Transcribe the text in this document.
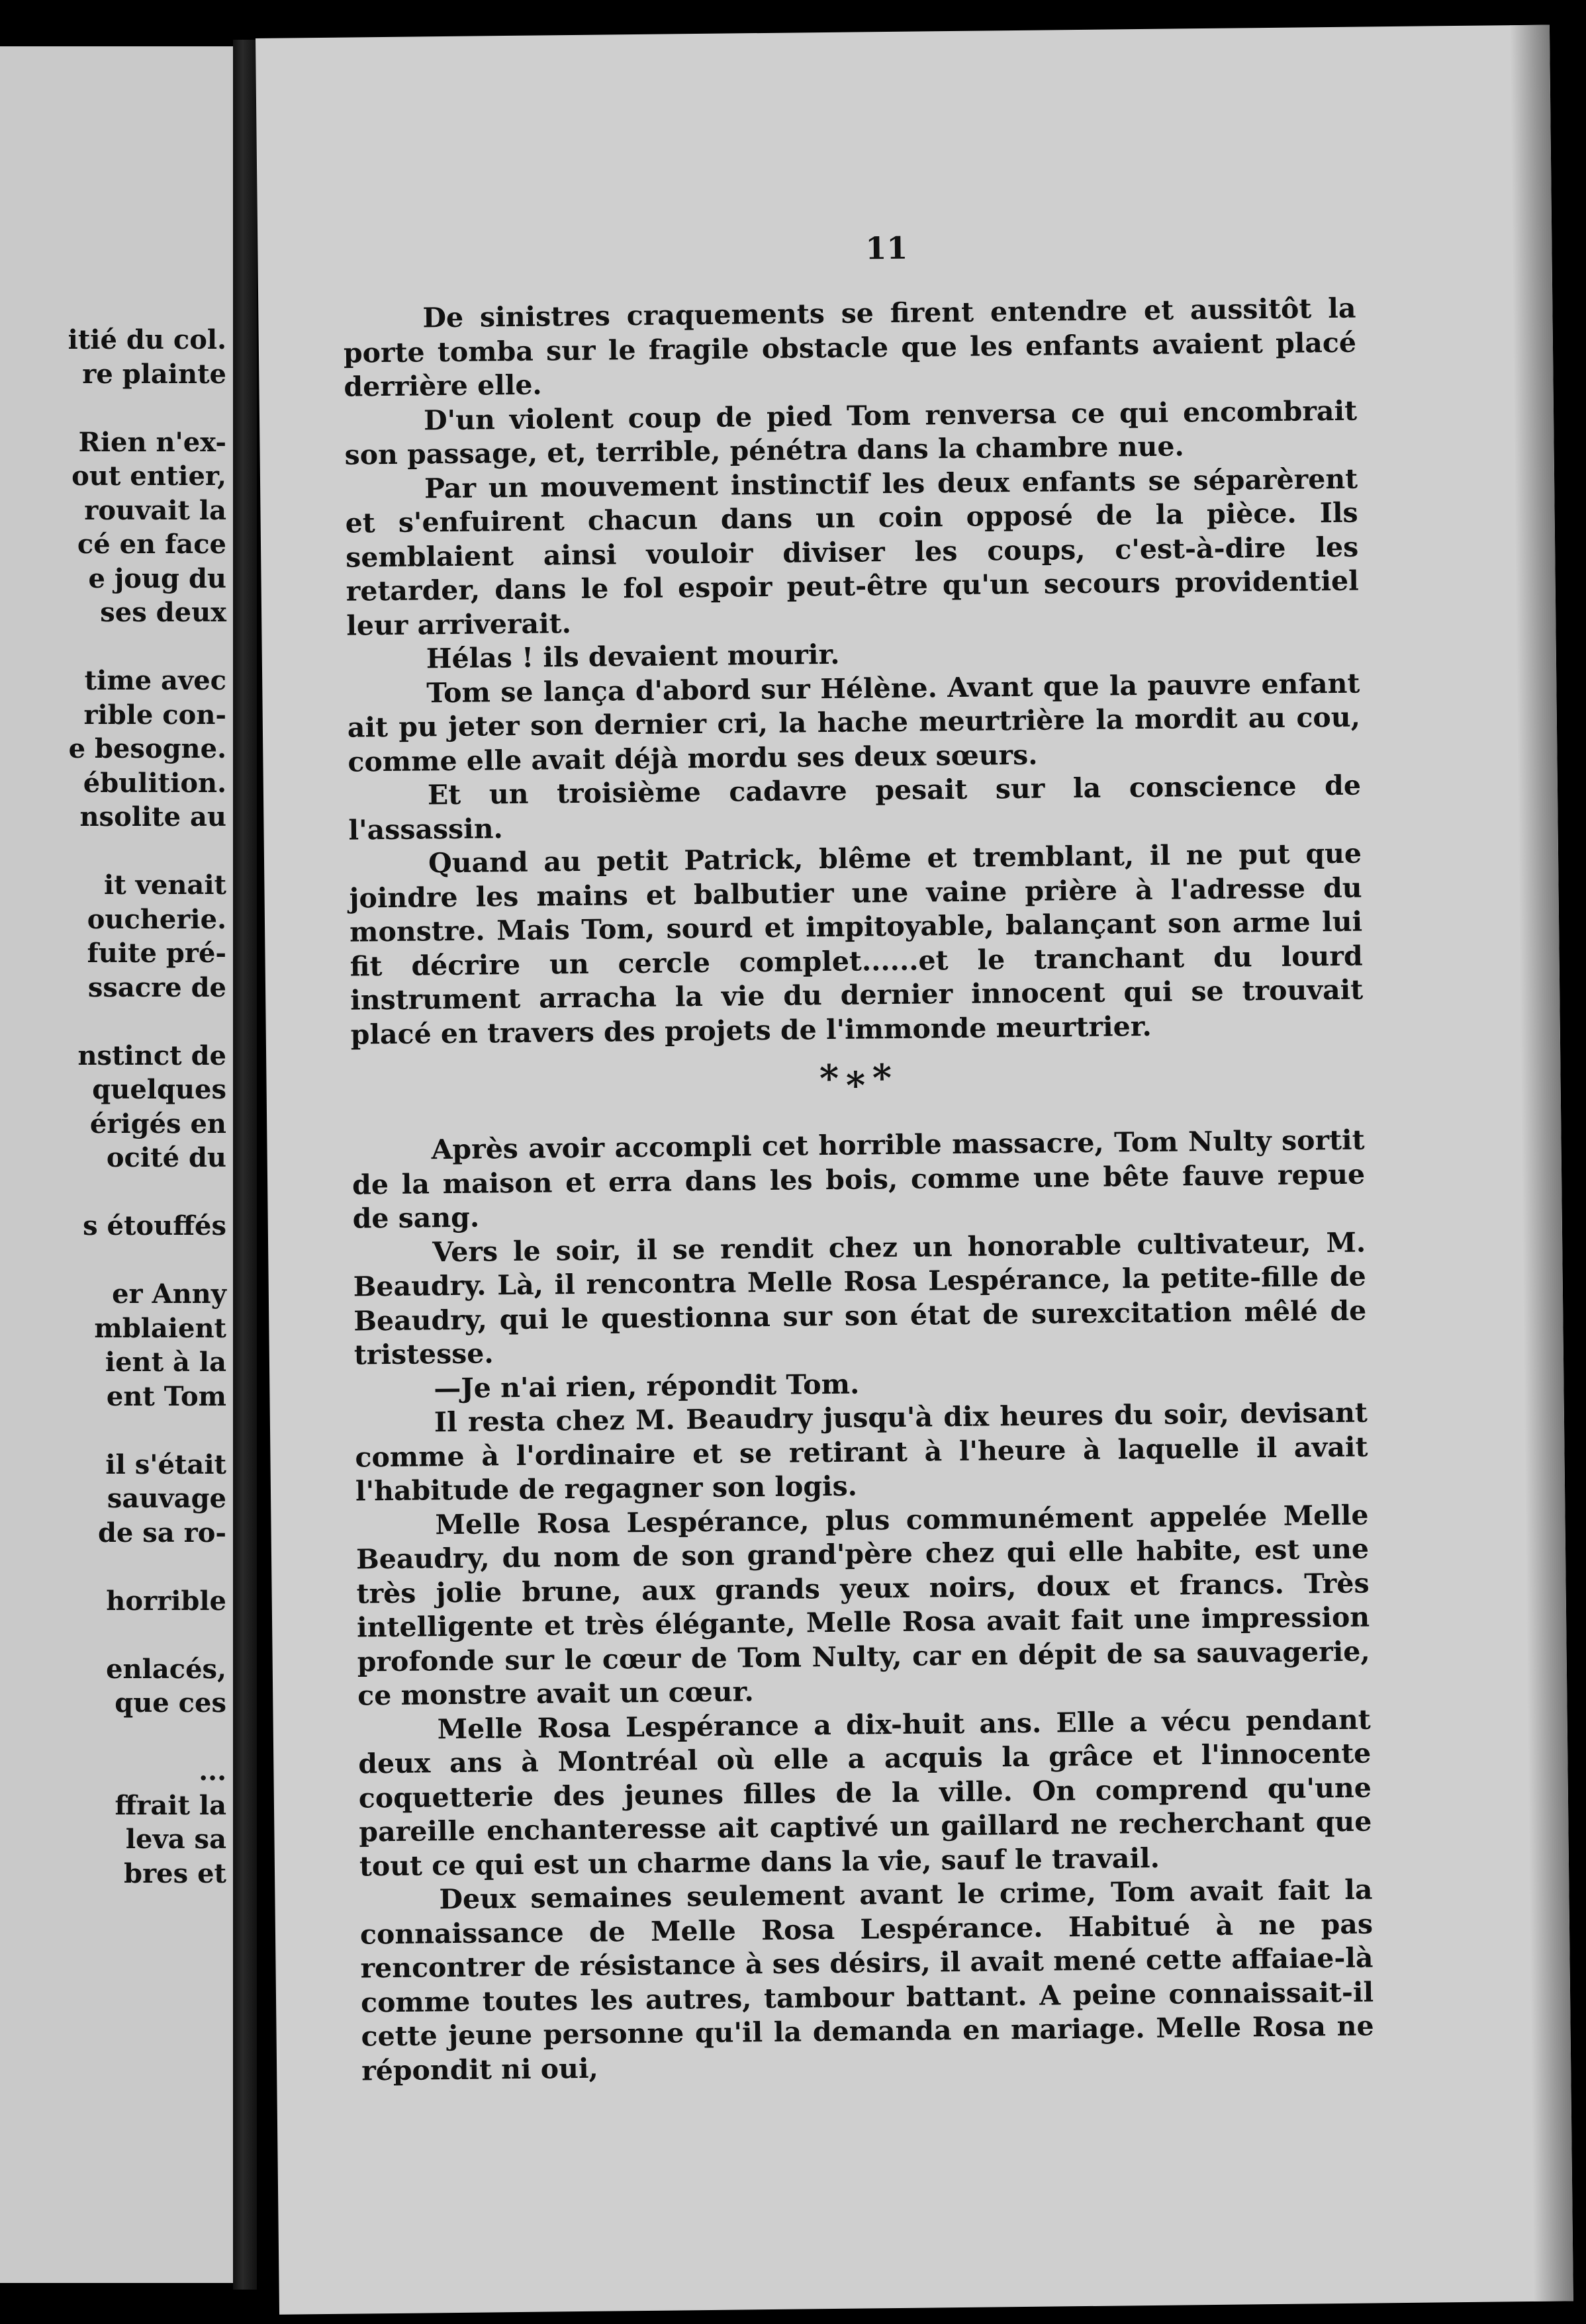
itié du col.
re plainte
Rien n'ex-
out entier,
rouvait la
cé en face
e joug du
ses deux
time avec
rible con-
e besogne.
ébulition.
nsolite au
it venait
oucherie.
fuite pré-
ssacre de
nstinct de
quelques
érigés en
ocité du
s étouffés
er Anny
mblaient
ient à la
ent Tom
il s'était
sauvage
de sa ro-
horrible
enlacés,
que ces
...
ffrait la
leva sa
bres et
11

De sinistres craquements se firent entendre et aussitôt la porte tomba sur le fragile obstacle que les enfants avaient placé derrière elle.

D'un violent coup de pied Tom renversa ce qui encombrait son passage, et, terrible, pénétra dans la chambre nue.

Par un mouvement instinctif les deux enfants se séparèrent et s'enfuirent chacun dans un coin opposé de la pièce. Ils semblaient ainsi vouloir diviser les coups, c'est-à-dire les retarder, dans le fol espoir peut-être qu'un secours providentiel leur arriverait.

Hélas ! ils devaient mourir.

Tom se lança d'abord sur Hélène. Avant que la pauvre enfant ait pu jeter son dernier cri, la hache meurtrière la mordit au cou, comme elle avait déjà mordu ses deux sœurs.

Et un troisième cadavre pesait sur la conscience de l'assassin.

Quand au petit Patrick, blême et tremblant, il ne put que joindre les mains et balbutier une vaine prière à l'adresse du monstre. Mais Tom, sourd et impitoyable, balançant son arme lui fit décrire un cercle complet......et le tranchant du lourd instrument arracha la vie du dernier innocent qui se trouvait placé en travers des projets de l'immonde meurtrier.

*∗*

Après avoir accompli cet horrible massacre, Tom Nulty sortit de la maison et erra dans les bois, comme une bête fauve repue de sang.

Vers le soir, il se rendit chez un honorable cultivateur, M. Beaudry. Là, il rencontra Melle Rosa Lespérance, la petite-fille de Beaudry, qui le questionna sur son état de surexcitation mêlé de tristesse.

—Je n'ai rien, répondit Tom.

Il resta chez M. Beaudry jusqu'à dix heures du soir, devisant comme à l'ordinaire et se retirant à l'heure à laquelle il avait l'habitude de regagner son logis.

Melle Rosa Lespérance, plus communément appelée Melle Beaudry, du nom de son grand'père chez qui elle habite, est une très jolie brune, aux grands yeux noirs, doux et francs. Très intelligente et très élégante, Melle Rosa avait fait une impression profonde sur le cœur de Tom Nulty, car en dépit de sa sauvagerie, ce monstre avait un cœur.

Melle Rosa Lespérance a dix-huit ans. Elle a vécu pendant deux ans à Montréal où elle a acquis la grâce et l'innocente coquetterie des jeunes filles de la ville. On comprend qu'une pareille enchanteresse ait captivé un gaillard ne recherchant que tout ce qui est un charme dans la vie, sauf le travail.

Deux semaines seulement avant le crime, Tom avait fait la connaissance de Melle Rosa Lespérance. Habitué à ne pas rencontrer de résistance à ses désirs, il avait mené cette affaiae-là comme toutes les autres, tambour battant. A peine connaissait-il cette jeune personne qu'il la demanda en mariage. Melle Rosa ne répondit ni oui,
